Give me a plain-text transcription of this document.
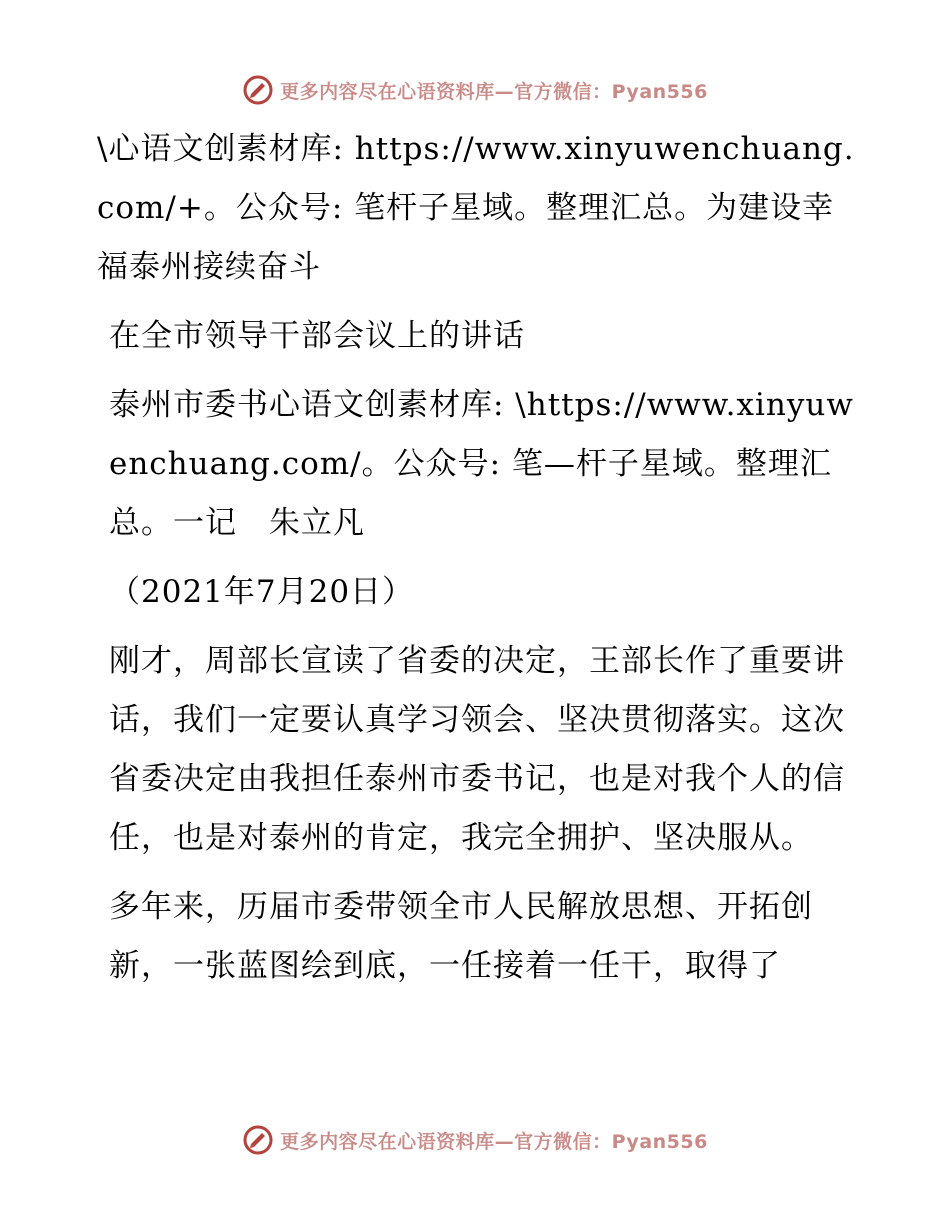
更多内容尽在心语资料库—官方微信：Pyan556

\心语文创素材库: https://www.xinyuwenchuang.com/+。公众号: 笔杆子星域。整理汇总。为建设幸福泰州接续奋斗

在全市领导干部会议上的讲话

泰州市委书心语文创素材库: \https://www.xinyuwenchuang.com/。公众号: 笔—杆子星域。整理汇总。一记　朱立凡

（2021年7月20日）

刚才，周部长宣读了省委的决定，王部长作了重要讲话，我们一定要认真学习领会、坚决贯彻落实。这次省委决定由我担任泰州市委书记，也是对我个人的信任，也是对泰州的肯定，我完全拥护、坚决服从。

多年来，历届市委带领全市人民解放思想、开拓创新，一张蓝图绘到底，一任接着一任干，取得了

更多内容尽在心语资料库—官方微信：Pyan556
